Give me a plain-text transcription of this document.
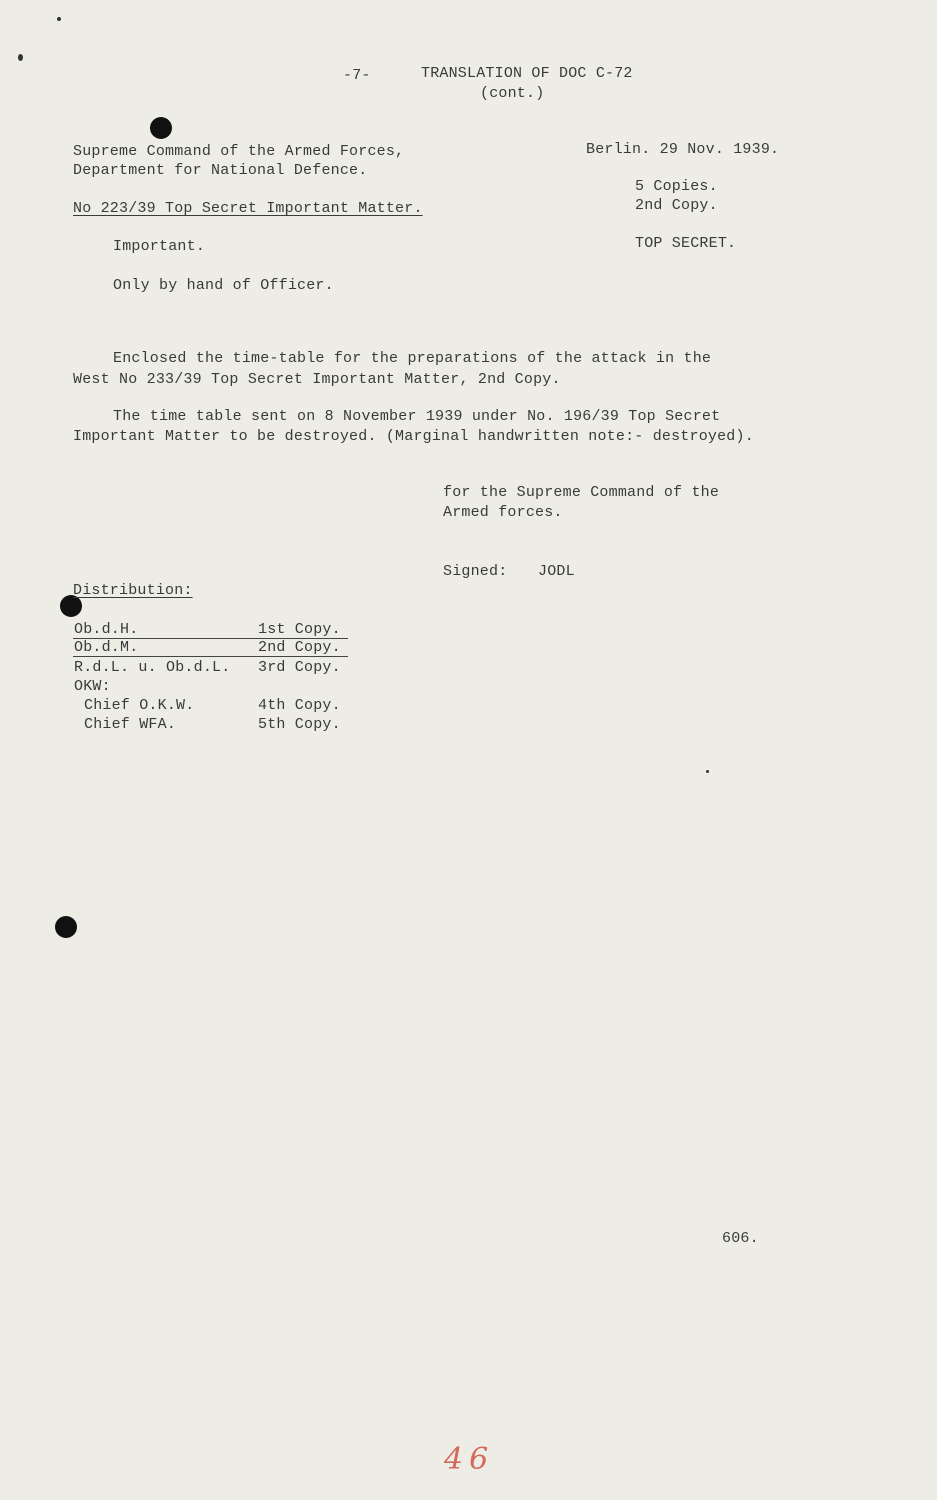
-7-	TRANSLATION OF DOC C-72
(cont.)
Supreme Command of the Armed Forces,
Department for National Defence.
No 223/39 Top Secret Important Matter.
Important.
Only by hand of Officer.
Berlin. 29 Nov. 1939.
5 Copies.
2nd Copy.
TOP SECRET.
Enclosed the time-table for the preparations of the attack in the
West No 233/39 Top Secret Important Matter, 2nd Copy.
The time table sent on 8 November 1939 under No. 196/39 Top Secret
Important Matter to be destroyed. (Marginal handwritten note:- destroyed).
for the Supreme Command of the
Armed forces.
Signed: JODL
Distribution:
Ob.d.H.	1st Copy.
Ob.d.M.	2nd Copy.
R.d.L. u. Ob.d.L. 3rd Copy.
OKW:
Chief O.K.W.	4th Copy.
Chief WFA.	5th Copy.
606.
46
